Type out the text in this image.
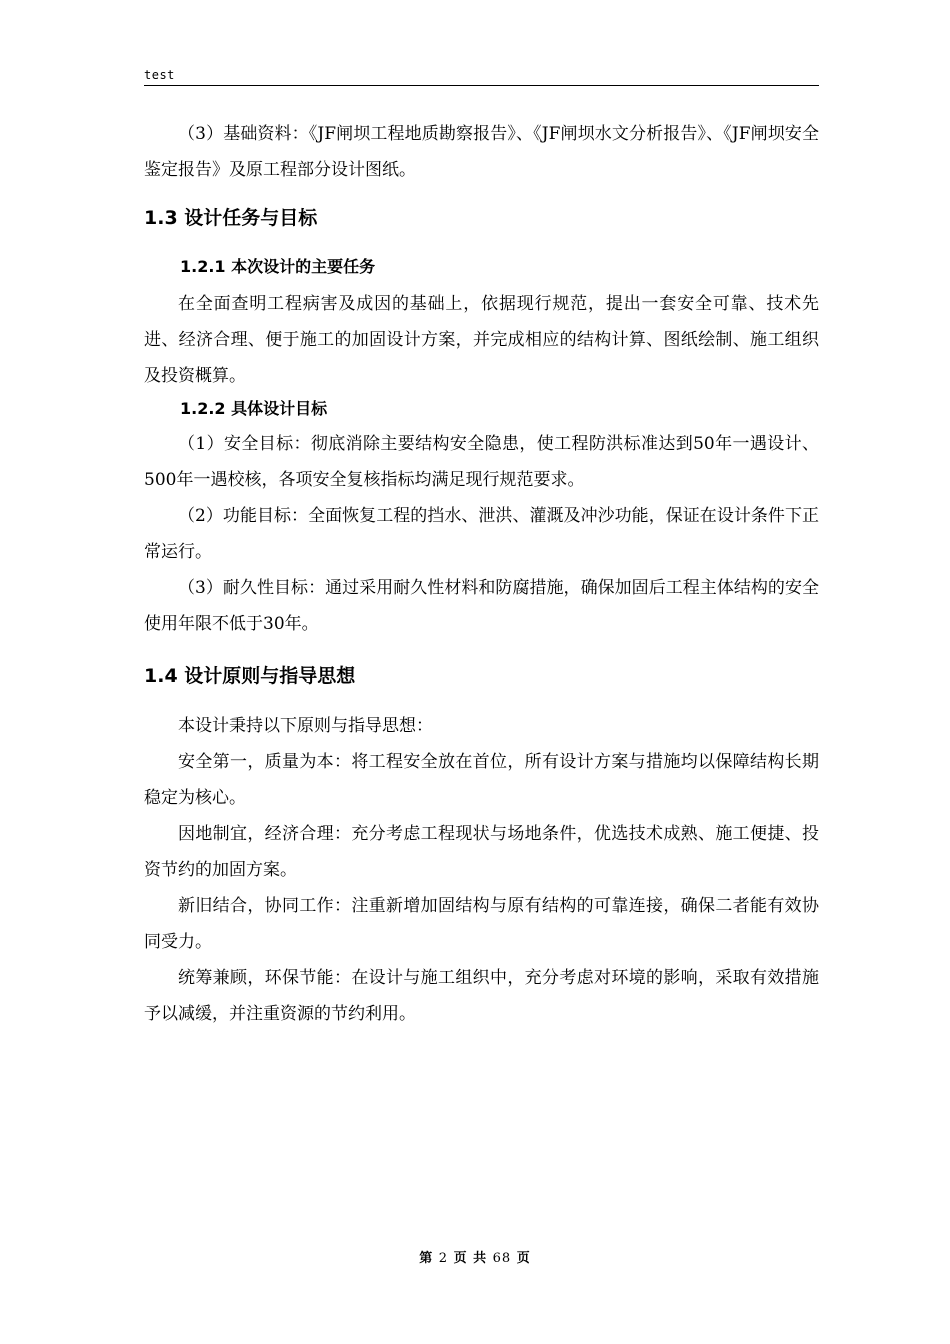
test

（3）基础资料：《JF闸坝工程地质勘察报告》、《JF闸坝水文分析报告》、《JF闸坝安全鉴定报告》及原工程部分设计图纸。

1.3 设计任务与目标
1.2.1 本次设计的主要任务

在全面查明工程病害及成因的基础上，依据现行规范，提出一套安全可靠、技术先进、经济合理、便于施工的加固设计方案，并完成相应的结构计算、图纸绘制、施工组织及投资概算。

1.2.2 具体设计目标

（1）安全目标：彻底消除主要结构安全隐患，使工程防洪标准达到50年一遇设计、500年一遇校核，各项安全复核指标均满足现行规范要求。

（2）功能目标：全面恢复工程的挡水、泄洪、灌溉及冲沙功能，保证在设计条件下正常运行。

（3）耐久性目标：通过采用耐久性材料和防腐措施，确保加固后工程主体结构的安全使用年限不低于30年。

1.4 设计原则与指导思想

本设计秉持以下原则与指导思想：

安全第一，质量为本：将工程安全放在首位，所有设计方案与措施均以保障结构长期稳定为核心。

因地制宜，经济合理：充分考虑工程现状与场地条件，优选技术成熟、施工便捷、投资节约的加固方案。

新旧结合，协同工作：注重新增加固结构与原有结构的可靠连接，确保二者能有效协同受力。

统筹兼顾，环保节能：在设计与施工组织中，充分考虑对环境的影响，采取有效措施予以减缓，并注重资源的节约利用。

第 2 页 共 68 页
